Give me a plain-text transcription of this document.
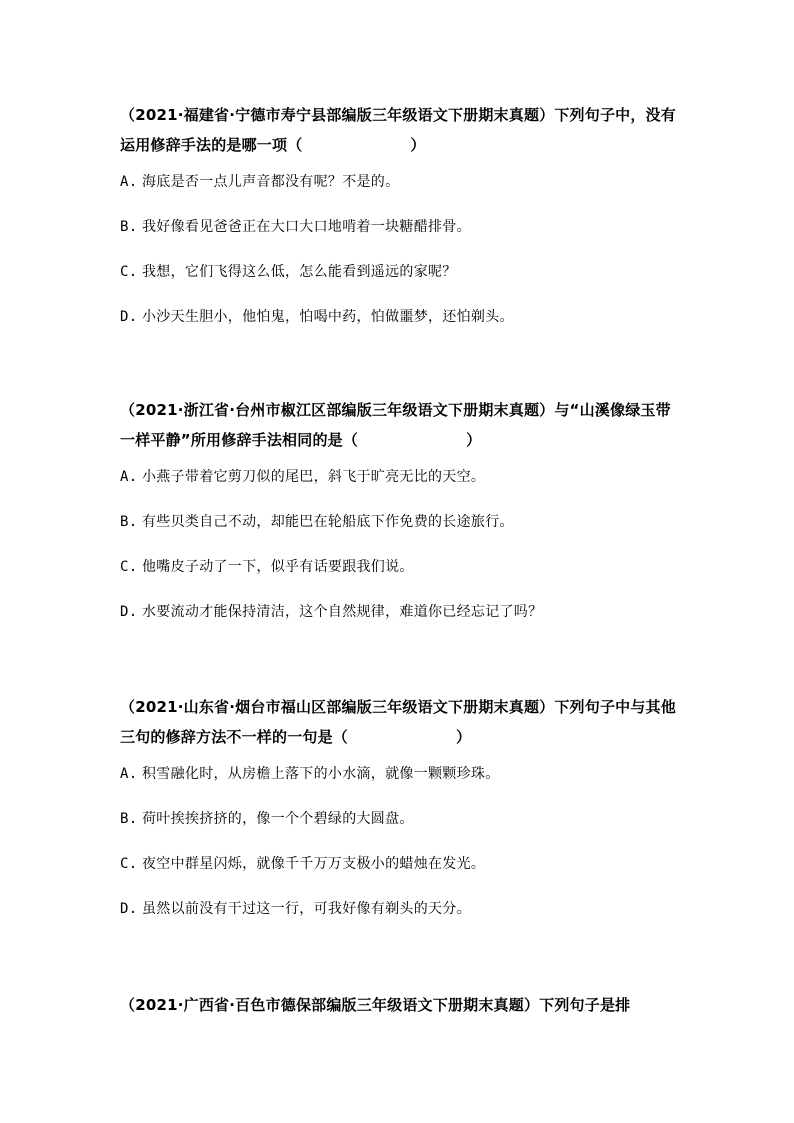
（2021·福建省·宁德市寿宁县部编版三年级语文下册期末真题）下列句子中，没有运用修辞手法的是哪一项（	）
A. 海底是否一点儿声音都没有呢？不是的。
B. 我好像看见爸爸正在大口大口地啃着一块糖醋排骨。
C. 我想，它们飞得这么低，怎么能看到遥远的家呢？
D. 小沙天生胆小，他怕鬼，怕喝中药，怕做噩梦，还怕剃头。
（2021·浙江省·台州市椒江区部编版三年级语文下册期末真题）与“山溪像绿玉带一样平静”所用修辞手法相同的是（	）
A. 小燕子带着它剪刀似的尾巴，斜飞于旷亮无比的天空。
B. 有些贝类自己不动，却能巴在轮船底下作免费的长途旅行。
C. 他嘴皮子动了一下，似乎有话要跟我们说。
D. 水要流动才能保持清洁，这个自然规律，难道你已经忘记了吗？
（2021·山东省·烟台市福山区部编版三年级语文下册期末真题）下列句子中与其他三句的修辞方法不一样的一句是（	）
A. 积雪融化时，从房檐上落下的小水滴，就像一颗颗珍珠。
B. 荷叶挨挨挤挤的，像一个个碧绿的大圆盘。
C. 夜空中群星闪烁，就像千千万万支极小的蜡烛在发光。
D. 虽然以前没有干过这一行，可我好像有剃头的天分。
（2021·广西省·百色市德保部编版三年级语文下册期末真题）下列句子是排
